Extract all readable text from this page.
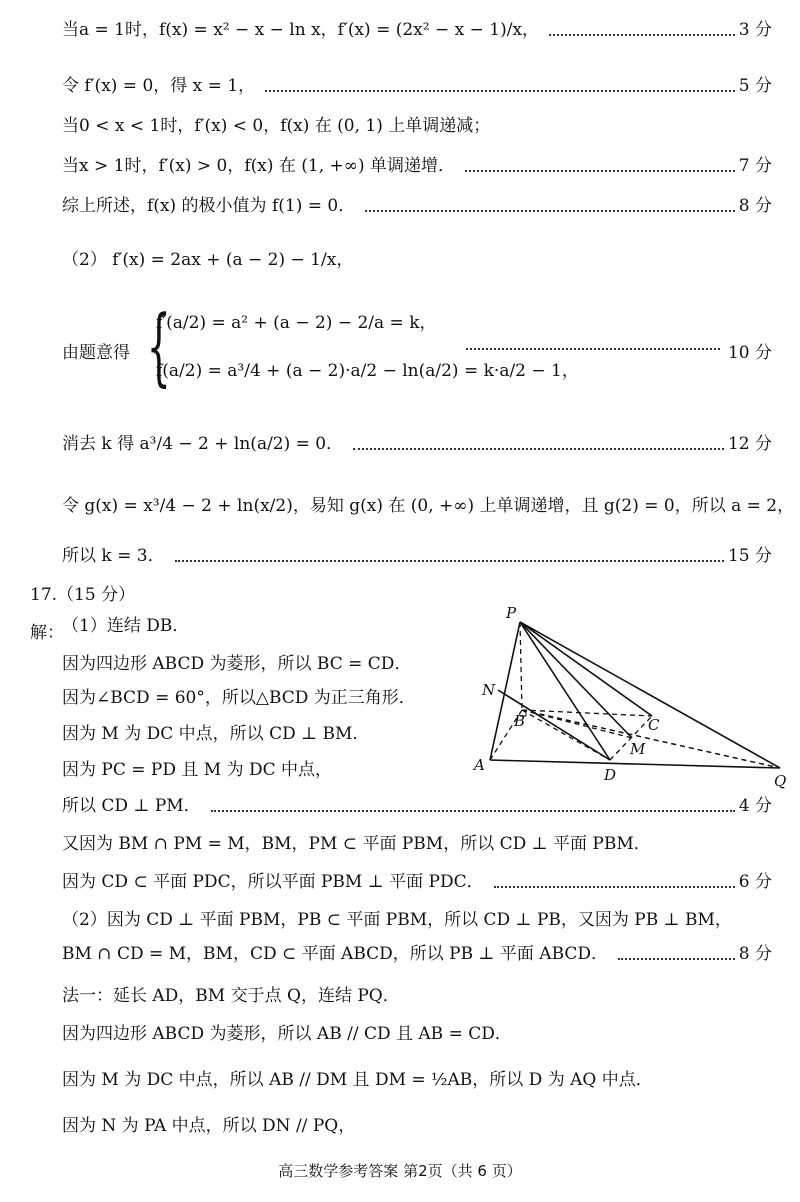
当a = 1时，f(x) = x² − x − ln x，f′(x) = (2x² − x − 1)/x，	3 分
令 f′(x) = 0，得 x = 1，	5 分
当0 < x < 1时，f′(x) < 0，f(x) 在 (0, 1) 上单调递减；
当x > 1时，f′(x) > 0，f(x) 在 (1, +∞) 单调递增．	7 分
综上所述，f(x) 的极小值为 f(1) = 0．	8 分
（2） f′(x) = 2ax + (a − 2) − 1/x，
由题意得 {
f′(a/2) = a² + (a − 2) − 2/a = k，
f(a/2) = a³/4 + (a − 2)·a/2 − ln(a/2) = k·a/2 − 1，
10 分
消去 k 得 a³/4 − 2 + ln(a/2) = 0．	12 分
令 g(x) = x³/4 − 2 + ln(x/2)，易知 g(x) 在 (0, +∞) 上单调递增，且 g(2) = 0，所以 a = 2，
所以 k = 3．	15 分
17.（15 分）
解：
（1）连结 DB．
因为四边形 ABCD 为菱形，所以 BC = CD．
因为∠BCD = 60°，所以△BCD 为正三角形．
因为 M 为 DC 中点，所以 CD ⊥ BM．
因为 PC = PD 且 M 为 DC 中点，
所以 CD ⊥ PM．	4 分
又因为 BM ∩ PM = M，BM，PM ⊂ 平面 PBM，所以 CD ⊥ 平面 PBM．
因为 CD ⊂ 平面 PDC，所以平面 PBM ⊥ 平面 PDC．	6 分
（2）因为 CD ⊥ 平面 PBM，PB ⊂ 平面 PBM，所以 CD ⊥ PB，又因为 PB ⊥ BM，
BM ∩ CD = M，BM，CD ⊂ 平面 ABCD，所以 PB ⊥ 平面 ABCD．	8 分
法一：延长 AD，BM 交于点 Q，连结 PQ．
因为四边形 ABCD 为菱形，所以 AB // CD 且 AB = CD．
因为 M 为 DC 中点，所以 AB // DM 且 DM = ½AB，所以 D 为 AQ 中点．
因为 N 为 PA 中点，所以 DN // PQ，
P
N
B	C
M
A
D	Q
高三数学参考答案 第2页（共 6 页）
